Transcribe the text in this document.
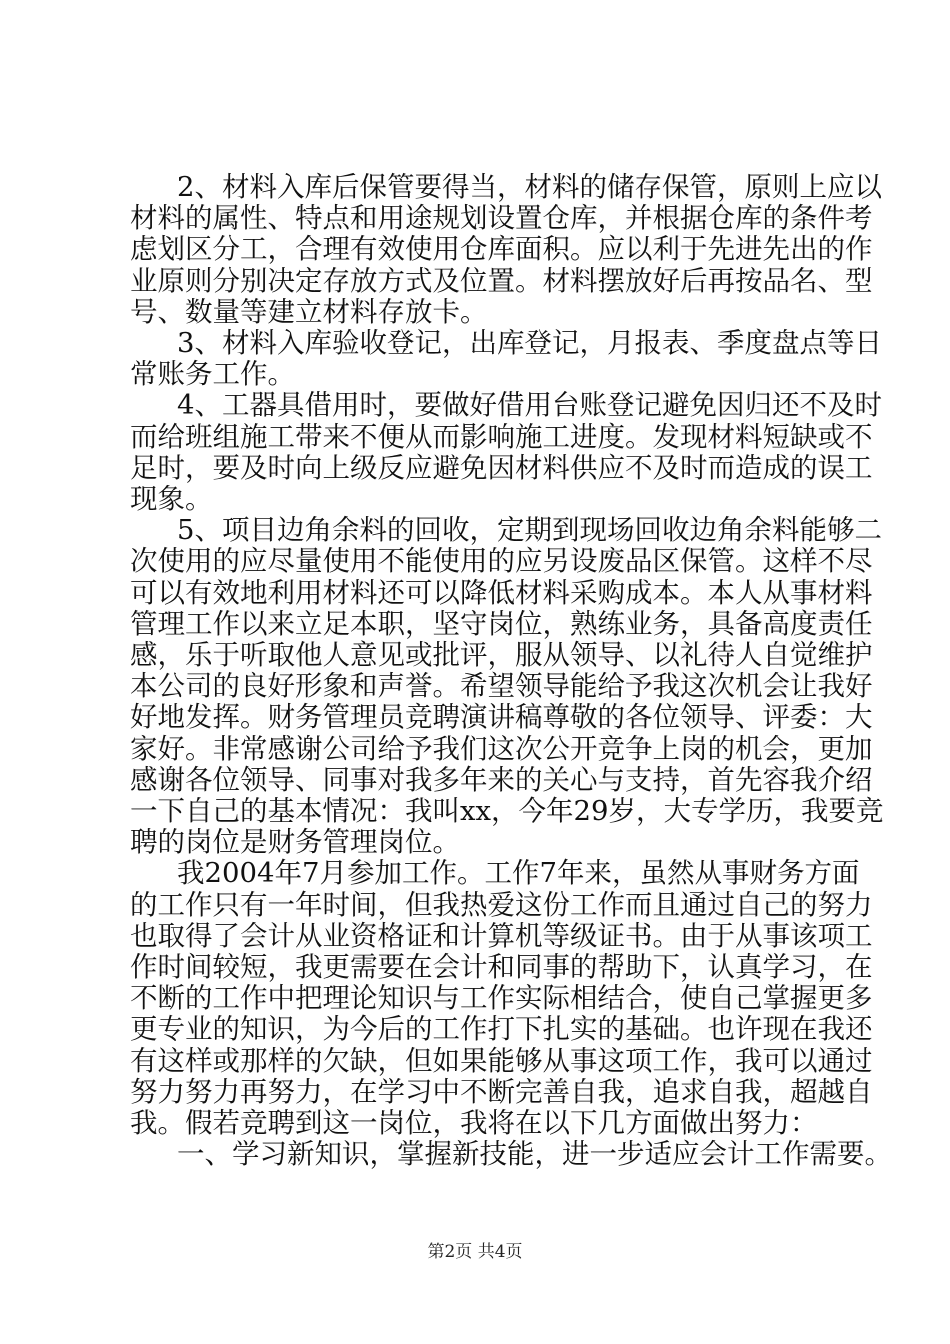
2、材料入库后保管要得当，材料的储存保管，原则上应以
材料的属性、特点和用途规划设置仓库，并根据仓库的条件考
虑划区分工，合理有效使用仓库面积。应以利于先进先出的作
业原则分别决定存放方式及位置。材料摆放好后再按品名、型
号、数量等建立材料存放卡。
3、材料入库验收登记，出库登记，月报表、季度盘点等日
常账务工作。
4、工器具借用时，要做好借用台账登记避免因归还不及时
而给班组施工带来不便从而影响施工进度。发现材料短缺或不
足时，要及时向上级反应避免因材料供应不及时而造成的误工
现象。
5、项目边角余料的回收，定期到现场回收边角余料能够二
次使用的应尽量使用不能使用的应另设废品区保管。这样不尽
可以有效地利用材料还可以降低材料采购成本。本人从事材料
管理工作以来立足本职，坚守岗位，熟练业务，具备高度责任
感，乐于听取他人意见或批评，服从领导、以礼待人自觉维护
本公司的良好形象和声誉。希望领导能给予我这次机会让我好
好地发挥。财务管理员竞聘演讲稿尊敬的各位领导、评委：大
家好。非常感谢公司给予我们这次公开竞争上岗的机会，更加
感谢各位领导、同事对我多年来的关心与支持，首先容我介绍
一下自己的基本情况：我叫xx，今年29岁，大专学历，我要竞
聘的岗位是财务管理岗位。
我2004年7月参加工作。工作7年来，虽然从事财务方面
的工作只有一年时间，但我热爱这份工作而且通过自己的努力
也取得了会计从业资格证和计算机等级证书。由于从事该项工
作时间较短，我更需要在会计和同事的帮助下，认真学习，在
不断的工作中把理论知识与工作实际相结合，使自己掌握更多
更专业的知识，为今后的工作打下扎实的基础。也许现在我还
有这样或那样的欠缺，但如果能够从事这项工作，我可以通过
努力努力再努力，在学习中不断完善自我，追求自我，超越自
我。假若竞聘到这一岗位，我将在以下几方面做出努力：
一、学习新知识，掌握新技能，进一步适应会计工作需要。
第2页 共4页
